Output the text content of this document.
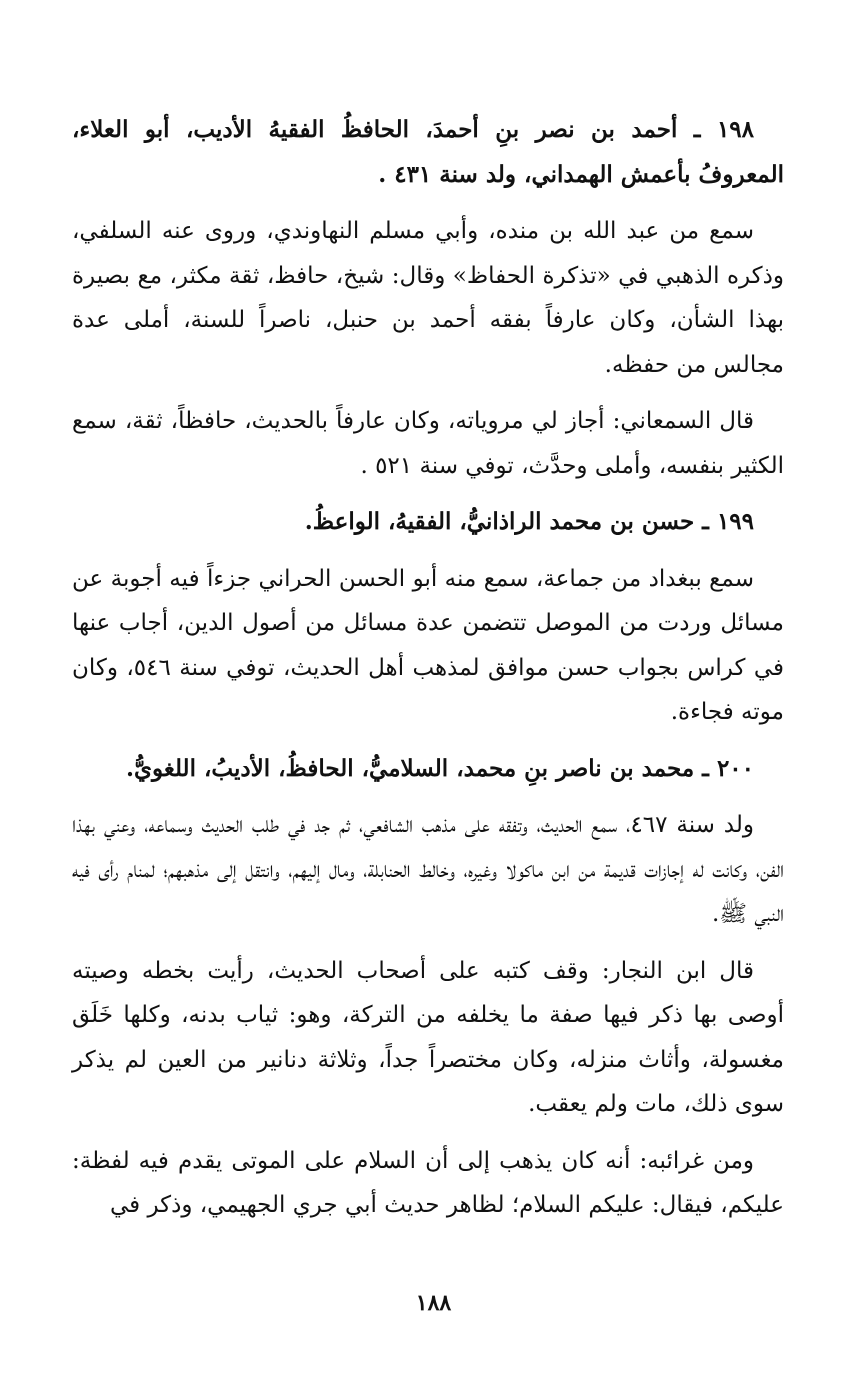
١٩٨ ـ أحمد بن نصر بنِ أحمدَ، الحافظُ الفقيهُ الأديب، أبو العلاء، المعروفُ بأعمش الهمداني، ولد سنة ٤٣١ .

سمع من عبد الله بن منده، وأبي مسلم النهاوندي، وروى عنه السلفي، وذكره الذهبي في «تذكرة الحفاظ» وقال: شيخ، حافظ، ثقة مكثر، مع بصيرة بهذا الشأن، وكان عارفاً بفقه أحمد بن حنبل، ناصراً للسنة، أملى عدة مجالس من حفظه.

قال السمعاني: أجاز لي مروياته، وكان عارفاً بالحديث، حافظاً، ثقة، سمع الكثير بنفسه، وأملى وحدَّث، توفي سنة ٥٢١ .

١٩٩ ـ حسن بن محمد الراذانيُّ، الفقيهُ، الواعظُ.

سمع ببغداد من جماعة، سمع منه أبو الحسن الحراني جزءاً فيه أجوبة عن مسائل وردت من الموصل تتضمن عدة مسائل من أصول الدين، أجاب عنها في كراس بجواب حسن موافق لمذهب أهل الحديث، توفي سنة ٥٤٦، وكان موته فجاءة.

٢٠٠ ـ محمد بن ناصر بنِ محمد، السلاميُّ، الحافظُ، الأديبُ، اللغويُّ.

ولد سنة ٤٦٧، سمع الحديث، وتفقه على مذهب الشافعي، ثم جد في طلب الحديث وسماعه، وعني بهذا الفن، وكانت له إجازات قديمة من ابن ماكولا وغيره، وخالط الحنابلة، ومال إليهم، وانتقل إلى مذهبهم؛ لمنام رأى فيه النبي ﷺ.

قال ابن النجار: وقف كتبه على أصحاب الحديث، رأيت بخطه وصيته أوصى بها ذكر فيها صفة ما يخلفه من التركة، وهو: ثياب بدنه، وكلها خَلَق مغسولة، وأثاث منزله، وكان مختصراً جداً، وثلاثة دنانير من العين لم يذكر سوى ذلك، مات ولم يعقب.

ومن غرائبه: أنه كان يذهب إلى أن السلام على الموتى يقدم فيه لفظة: عليكم، فيقال: عليكم السلام؛ لظاهر حديث أبي جري الجهيمي، وذكر في

١٨٨
